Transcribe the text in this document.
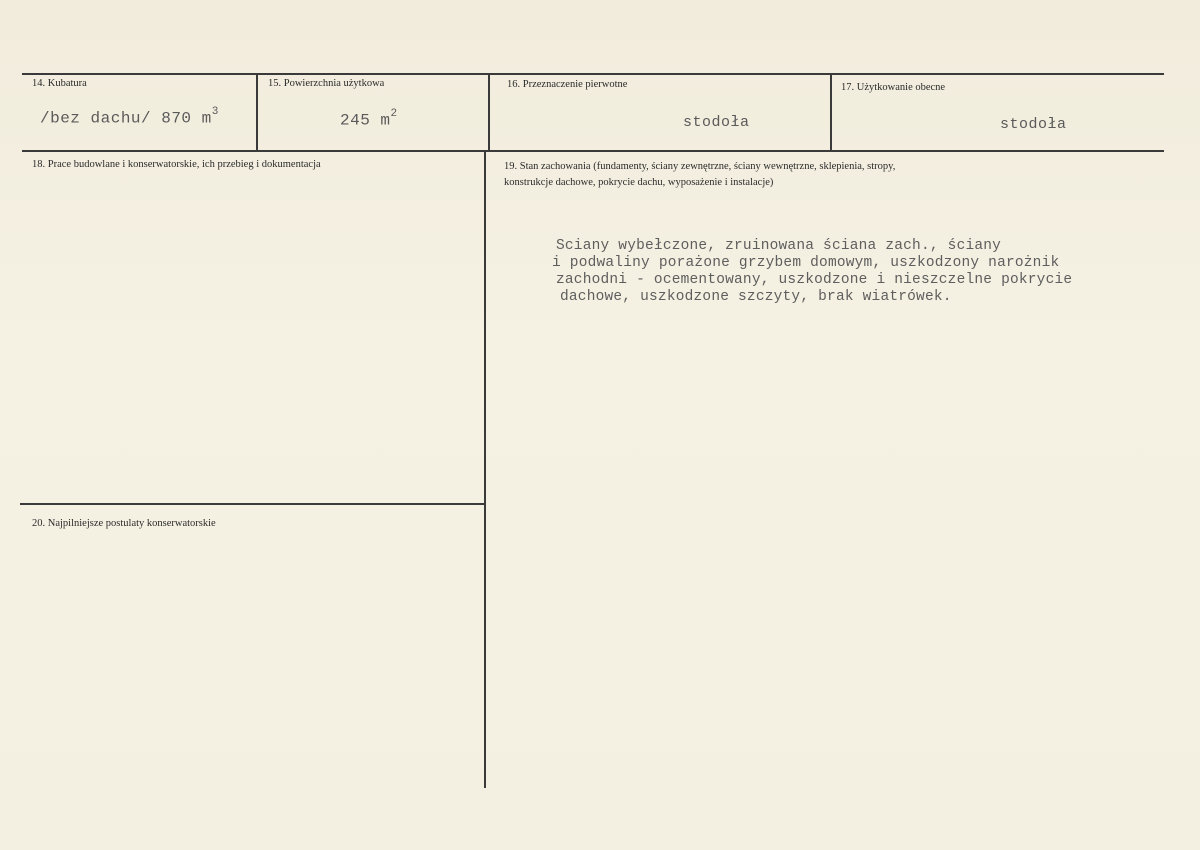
14. Kubatura
/bez dachu/ 870 $m^3$
15. Powierzchnia użytkowa
245 $m^2$
16. Przeznaczenie pierwotne
stodoła
17. Użytkowanie obecne
stodoła
18. Prace budowlane i konserwatorskie, ich przebieg i dokumentacja	19. Stan zachowania (fundamenty, ściany zewnętrzne, ściany wewnętrzne, sklepienia, stropy,
konstrukcje dachowe, pokrycie dachu, wyposażenie i instalacje)
Sciany wybełczone, zruinowana ściana zach., ściany
i podwaliny porażone grzybem domowym, uszkodzony narożnik
zachodni - ocementowany, uszkodzone i nieszczelne pokrycie
dachowe, uszkodzone szczyty, brak wiatrówek.
20. Najpilniejsze postulaty konserwatorskie
